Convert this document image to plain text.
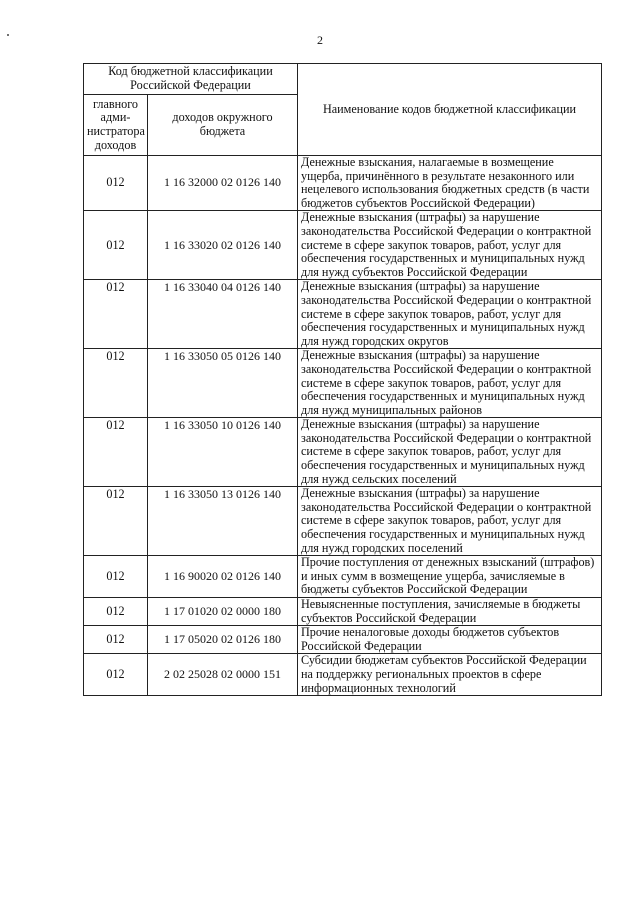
2
Код бюджетной классификации Российской Федерации		Наименование кодов бюджетной классификации
главного адми-нистратора доходов	доходов окружного бюджета	
012	1 16 32000 02 0126 140	Денежные взыскания, налагаемые в возмещение ущерба, причинённого в результате незаконного или нецелевого использования бюджетных средств (в части бюджетов субъектов Российской Федерации)
012	1 16 33020 02 0126 140	Денежные взыскания (штрафы) за нарушение законодательства Российской Федерации о контрактной системе в сфере закупок товаров, работ, услуг для обеспечения государственных и муниципальных нужд для нужд субъектов Российской Федерации
012	1 16 33040 04 0126 140	Денежные взыскания (штрафы) за нарушение законодательства Российской Федерации о контрактной системе в сфере закупок товаров, работ, услуг для обеспечения государственных и муниципальных нужд для нужд городских округов
012	1 16 33050 05 0126 140	Денежные взыскания (штрафы) за нарушение законодательства Российской Федерации о контрактной системе в сфере закупок товаров, работ, услуг для обеспечения государственных и муниципальных нужд для нужд муниципальных районов
012	1 16 33050 10 0126 140	Денежные взыскания (штрафы) за нарушение законодательства Российской Федерации о контрактной системе в сфере закупок товаров, работ, услуг для обеспечения государственных и муниципальных нужд для нужд сельских поселений
012	1 16 33050 13 0126 140	Денежные взыскания (штрафы) за нарушение законодательства Российской Федерации о контрактной системе в сфере закупок товаров, работ, услуг для обеспечения государственных и муниципальных нужд для нужд городских поселений
012	1 16 90020 02 0126 140	Прочие поступления от денежных взысканий (штрафов) и иных сумм в возмещение ущерба, зачисляемые в бюджеты субъектов Российской Федерации
012	1 17 01020 02 0000 180	Невыясненные поступления, зачисляемые в бюджеты субъектов Российской Федерации
012	1 17 05020 02 0126 180	Прочие неналоговые доходы бюджетов субъектов Российской Федерации
012	2 02 25028 02 0000 151	Субсидии бюджетам субъектов Российской Федерации на поддержку региональных проектов в сфере информационных технологий
